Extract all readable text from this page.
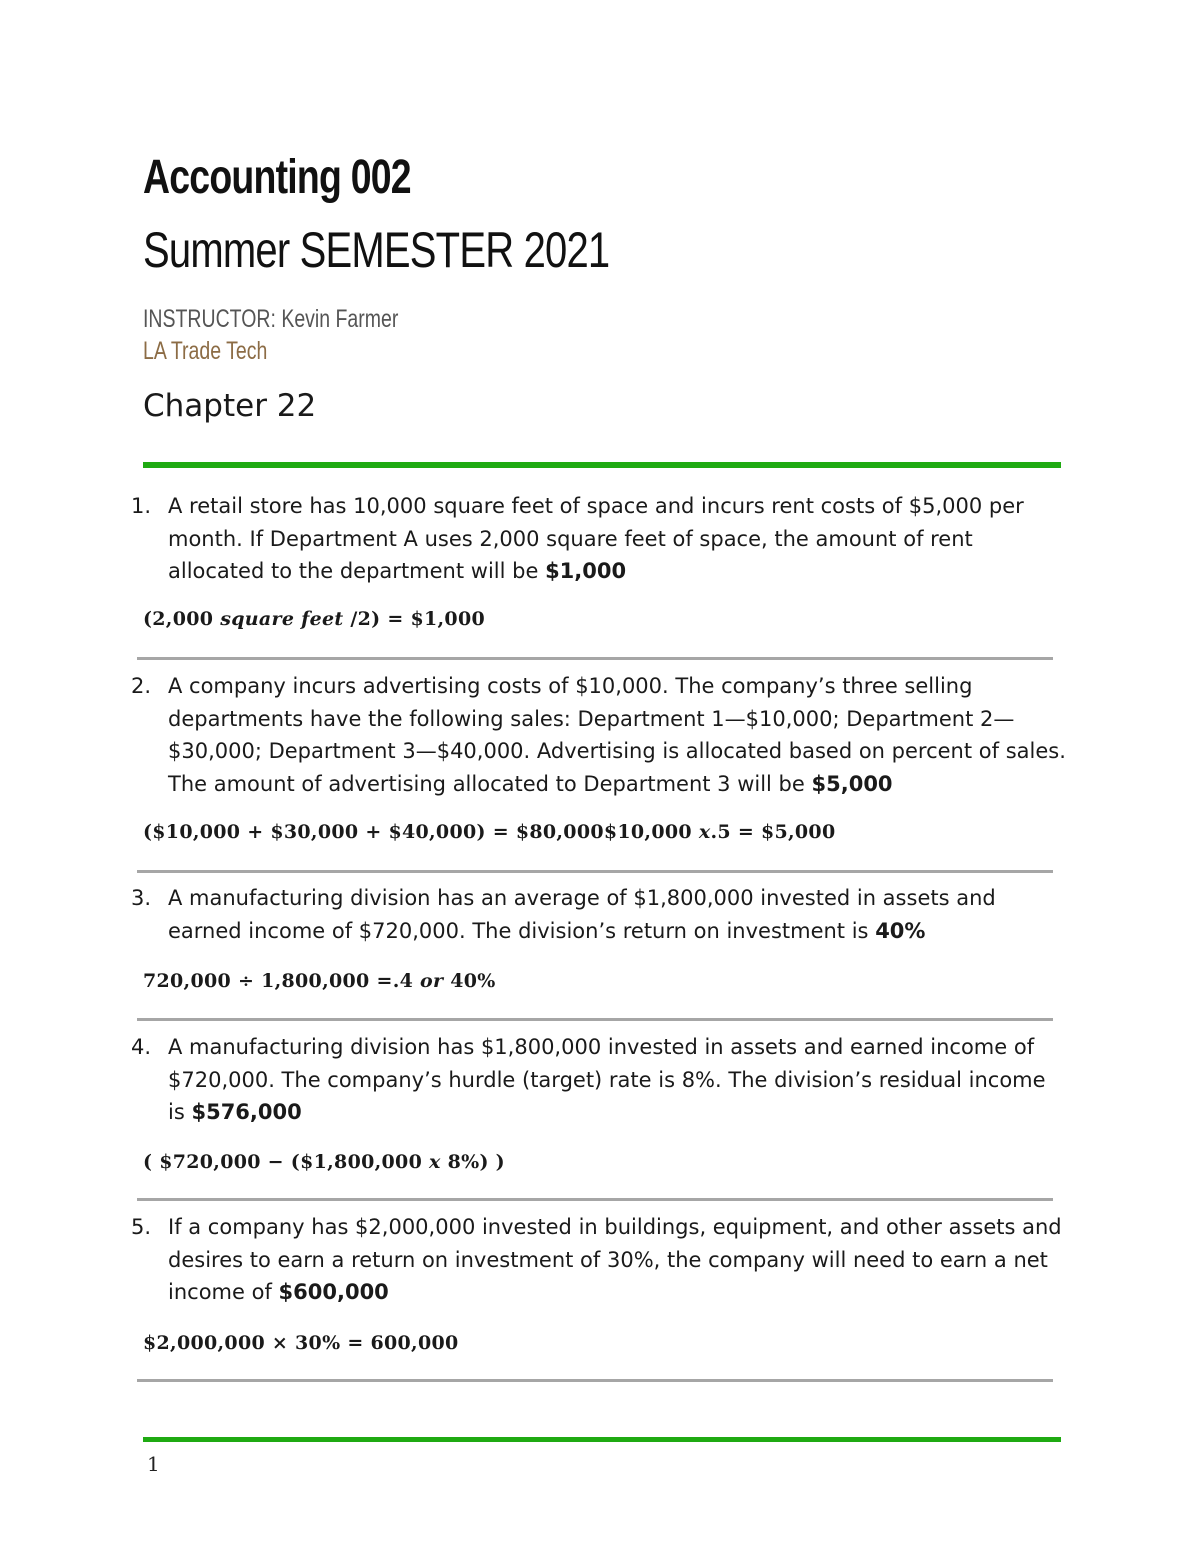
Accounting 002
Summer SEMESTER 2021
INSTRUCTOR: Kevin Farmer
LA Trade Tech
Chapter 22
1. A retail store has 10,000 square feet of space and incurs rent costs of $5,000 per month. If Department A uses 2,000 square feet of space, the amount of rent allocated to the department will be $1,000
(2,000 square feet /2) = $1,000
2. A company incurs advertising costs of $10,000. The company’s three selling departments have the following sales: Department 1—$10,000; Department 2—$30,000; Department 3—$40,000. Advertising is allocated based on percent of sales. The amount of advertising allocated to Department 3 will be $5,000
($10,000 + $30,000 + $40,000) = $80,000$10,000 x.5 = $5,000
3. A manufacturing division has an average of $1,800,000 invested in assets and earned income of $720,000. The division’s return on investment is 40%
720,000 ÷ 1,800,000 =.4 or 40%
4. A manufacturing division has $1,800,000 invested in assets and earned income of $720,000. The company’s hurdle (target) rate is 8%. The division’s residual income is $576,000
( $720,000 − ($1,800,000 x 8%) )
5. If a company has $2,000,000 invested in buildings, equipment, and other assets and desires to earn a return on investment of 30%, the company will need to earn a net income of $600,000
$2,000,000 × 30% = 600,000
1
